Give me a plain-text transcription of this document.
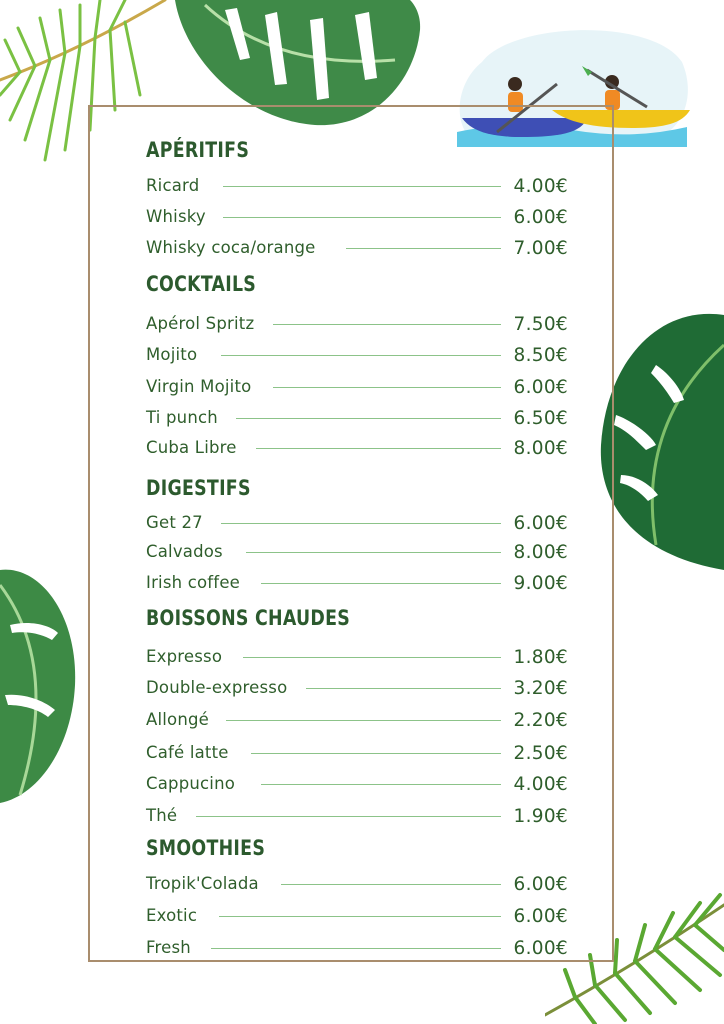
APÉRITIFS
Ricard	4.00€
Whisky	6.00€
Whisky coca/orange	7.00€
COCKTAILS
Apérol Spritz	7.50€
Mojito	8.50€
Virgin Mojito	6.00€
Ti punch	6.50€
Cuba Libre	8.00€
DIGESTIFS
Get 27	6.00€
Calvados	8.00€
Irish coffee	9.00€
BOISSONS CHAUDES
Expresso	1.80€
Double-expresso	3.20€
Allongé	2.20€
Café latte	2.50€
Cappucino	4.00€
Thé	1.90€
SMOOTHIES
Tropik'Colada	6.00€
Exotic	6.00€
Fresh	6.00€
